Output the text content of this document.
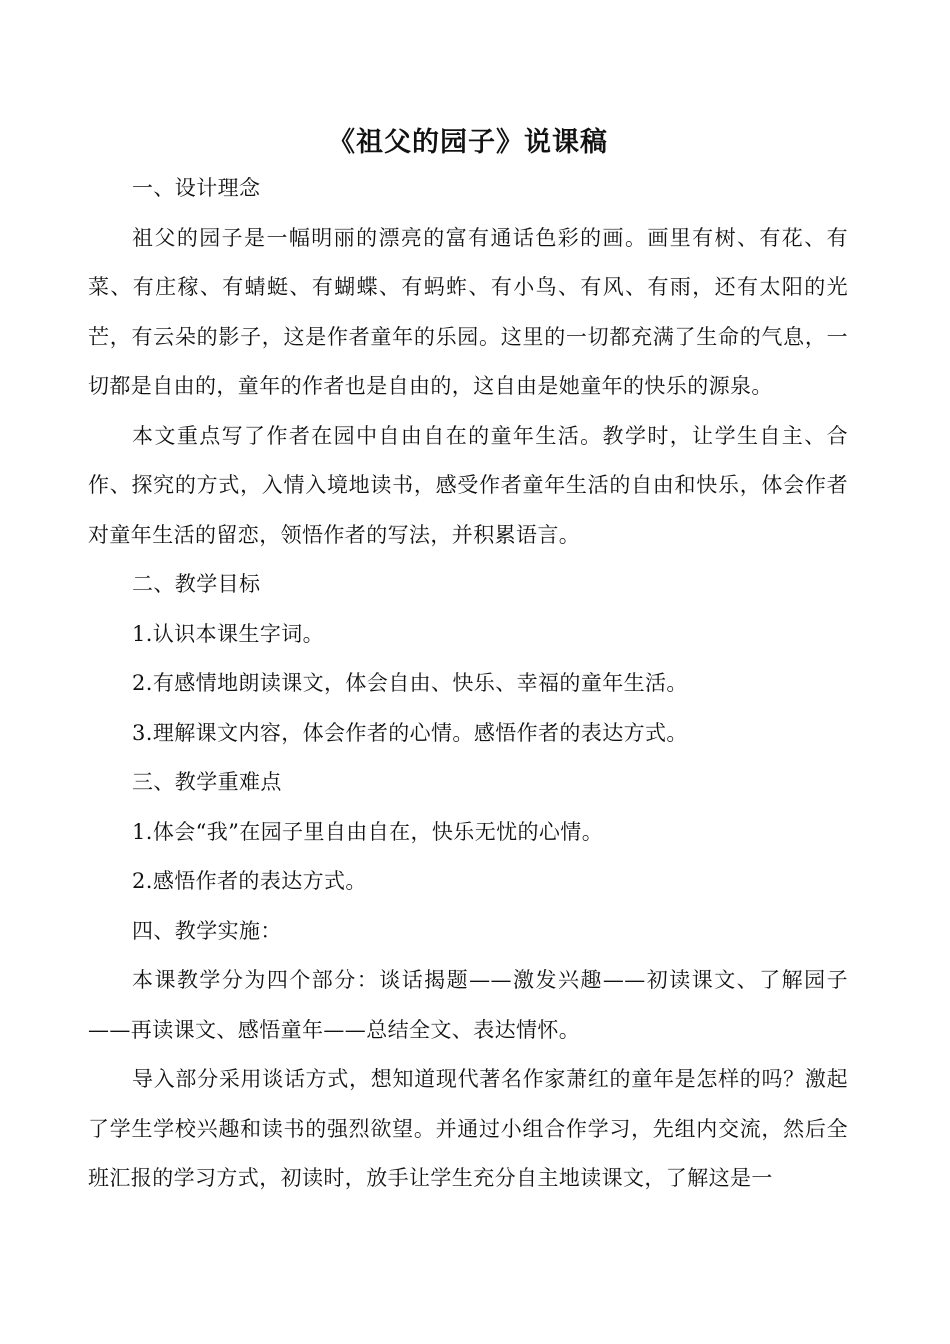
《祖父的园子》说课稿

一、设计理念

祖父的园子是一幅明丽的漂亮的富有通话色彩的画。画里有树、有花、有菜、有庄稼、有蜻蜓、有蝴蝶、有蚂蚱、有小鸟、有风、有雨，还有太阳的光芒，有云朵的影子，这是作者童年的乐园。这里的一切都充满了生命的气息，一切都是自由的，童年的作者也是自由的，这自由是她童年的快乐的源泉。

本文重点写了作者在园中自由自在的童年生活。教学时，让学生自主、合作、探究的方式，入情入境地读书，感受作者童年生活的自由和快乐，体会作者对童年生活的留恋，领悟作者的写法，并积累语言。

二、教学目标

1.认识本课生字词。

2.有感情地朗读课文，体会自由、快乐、幸福的童年生活。

3.理解课文内容，体会作者的心情。感悟作者的表达方式。

三、教学重难点

1.体会“我”在园子里自由自在，快乐无忧的心情。

2.感悟作者的表达方式。

四、教学实施：

本课教学分为四个部分：谈话揭题——激发兴趣——初读课文、了解园子——再读课文、感悟童年——总结全文、表达情怀。

导入部分采用谈话方式，想知道现代著名作家萧红的童年是怎样的吗？激起了学生学校兴趣和读书的强烈欲望。并通过小组合作学习，先组内交流，然后全班汇报的学习方式，初读时，放手让学生充分自主地读课文，了解这是一
